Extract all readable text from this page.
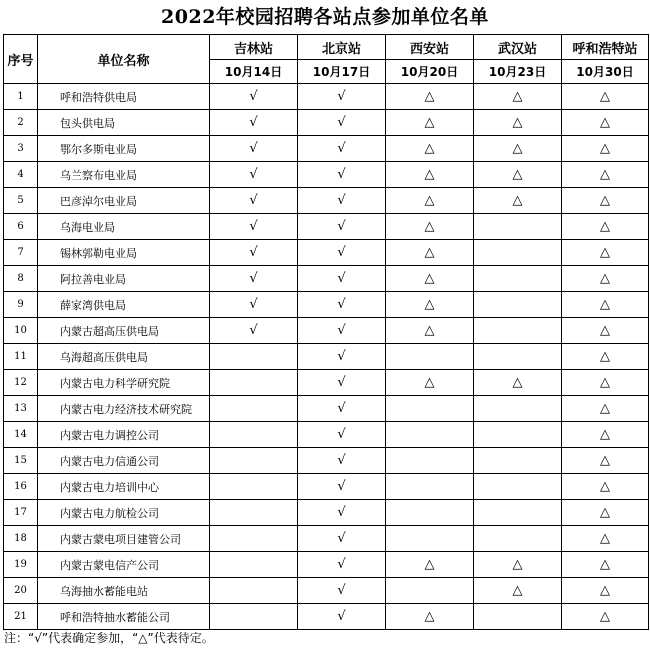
2022年校园招聘各站点参加单位名单
序号	单位名称	吉林站	北京站	西安站	武汉站	呼和浩特站
		10月14日	10月17日	10月20日	10月23日	10月30日
1	呼和浩特供电局	√	√	△	△	△
2	包头供电局	√	√	△	△	△
3	鄂尔多斯电业局	√	√	△	△	△
4	乌兰察布电业局	√	√	△	△	△
5	巴彦淖尔电业局	√	√	△	△	△
6	乌海电业局	√	√	△		△
7	锡林郭勒电业局	√	√	△		△
8	阿拉善电业局	√	√	△		△
9	薛家湾供电局	√	√	△		△
10	内蒙古超高压供电局	√	√	△		△
11	乌海超高压供电局		√			△
12	内蒙古电力科学研究院		√	△	△	△
13	内蒙古电力经济技术研究院		√			△
14	内蒙古电力调控公司		√			△
15	内蒙古电力信通公司		√			△
16	内蒙古电力培训中心		√			△
17	内蒙古电力航检公司		√			△
18	内蒙古蒙电项目建管公司		√			△
19	内蒙古蒙电信产公司		√	△	△	△
20	乌海抽水蓄能电站		√		△	△
21	呼和浩特抽水蓄能公司		√	△		△
注：“√”代表确定参加，“△”代表待定。
